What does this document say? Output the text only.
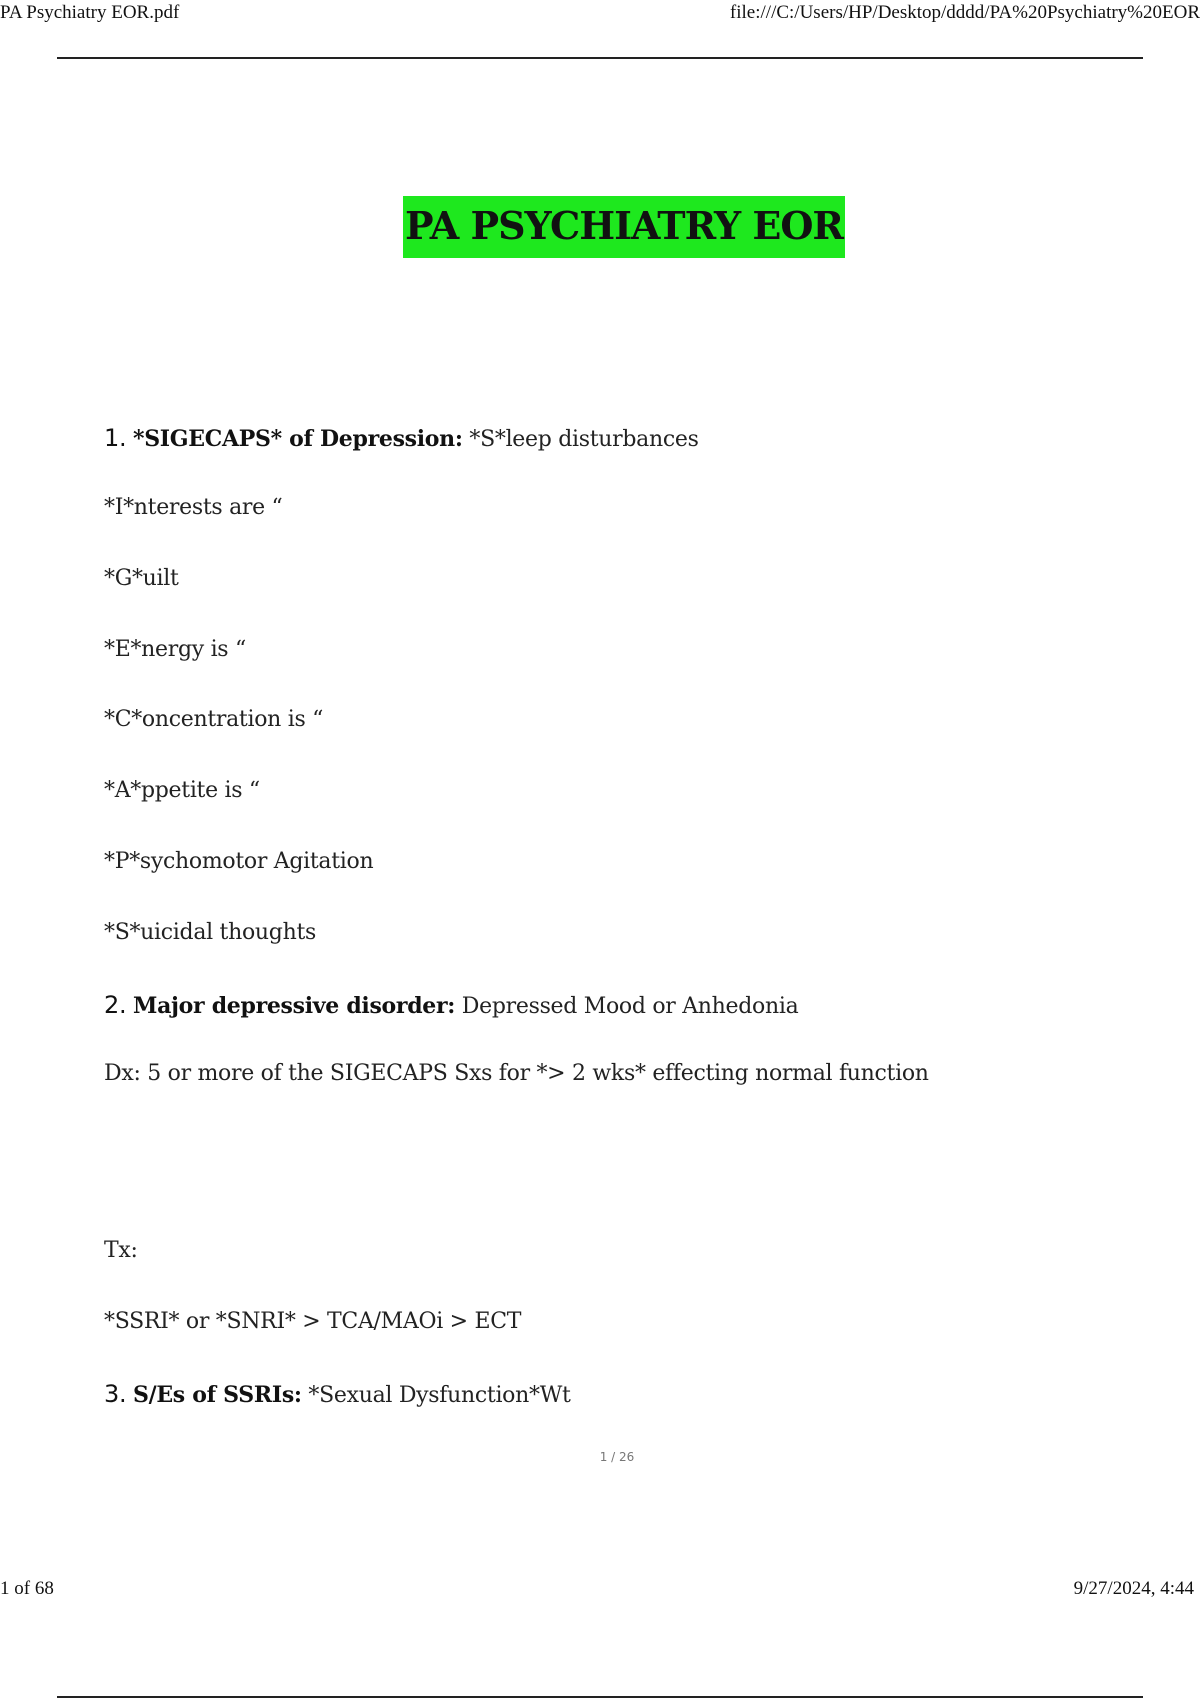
PA Psychiatry EOR.pdf	file:///C:/Users/HP/Desktop/dddd/PA%20Psychiatry%20EOR
PA PSYCHIATRY EOR
1. *SIGECAPS* of Depression: *S*leep disturbances
*I*nterests are “
*G*uilt
*E*nergy is “
*C*oncentration is “
*A*ppetite is “
*P*sychomotor Agitation
*S*uicidal thoughts
2. Major depressive disorder: Depressed Mood or Anhedonia
Dx: 5 or more of the SIGECAPS Sxs for *> 2 wks* effecting normal function
Tx:
*SSRI* or *SNRI* > TCA/MAOi > ECT
3. S/Es of SSRIs: *Sexual Dysfunction*Wt
1 / 26
1 of 68	9/27/2024, 4:44
